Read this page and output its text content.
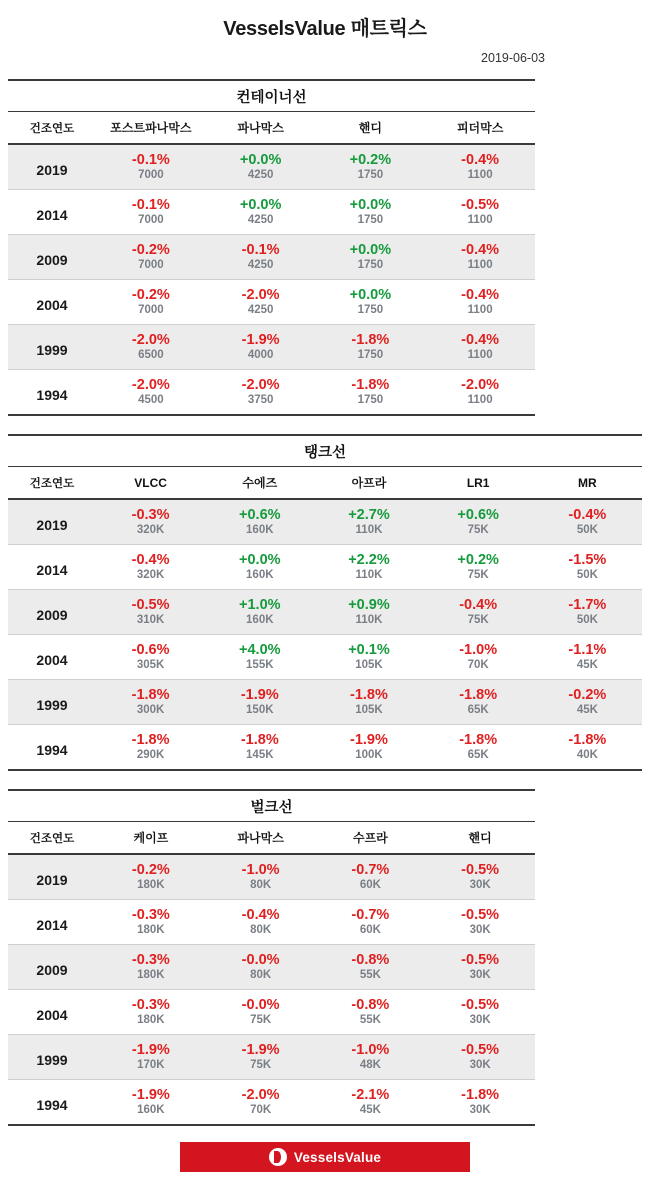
VesselsValue 매트릭스
2019-06-03
컨테이너선
건조연도	포스트파나막스	파나막스	핸디	피더막스
2019	-0.1%	+0.0%	+0.2%	-0.4%
	7000	4250	1750	1100

2014	-0.1%	+0.0%	+0.0%	-0.5%
	7000	4250	1750	1100

2009	-0.2%	-0.1%	+0.0%	-0.4%
	7000	4250	1750	1100

2004	-0.2%	-2.0%	+0.0%	-0.4%
	7000	4250	1750	1100

1999	-2.0%	-1.9%	-1.8%	-0.4%
	6500	4000	1750	1100

1994	-2.0%	-2.0%	-1.8%	-2.0%
	4500	3750	1750	1100
탱크선
건조연도	VLCC	수에즈	아프라	LR1	MR
2019	-0.3%	+0.6%	+2.7%	+0.6%	-0.4%
	320K	160K	110K	75K	50K

2014	-0.4%	+0.0%	+2.2%	+0.2%	-1.5%
	320K	160K	110K	75K	50K

2009	-0.5%	+1.0%	+0.9%	-0.4%	-1.7%
	310K	160K	110K	75K	50K

2004	-0.6%	+4.0%	+0.1%	-1.0%	-1.1%
	305K	155K	105K	70K	45K

1999	-1.8%	-1.9%	-1.8%	-1.8%	-0.2%
	300K	150K	105K	65K	45K

1994	-1.8%	-1.8%	-1.9%	-1.8%	-1.8%
	290K	145K	100K	65K	40K
벌크선
건조연도	케이프	파나막스	수프라	핸디
2019	-0.2%	-1.0%	-0.7%	-0.5%
	180K	80K	60K	30K

2014	-0.3%	-0.4%	-0.7%	-0.5%
	180K	80K	60K	30K

2009	-0.3%	-0.0%	-0.8%	-0.5%
	180K	80K	55K	30K

2004	-0.3%	-0.0%	-0.8%	-0.5%
	180K	75K	55K	30K

1999	-1.9%	-1.9%	-1.0%	-0.5%
	170K	75K	48K	30K

1994	-1.9%	-2.0%	-2.1%	-1.8%
	160K	70K	45K	30K
VesselsValue
